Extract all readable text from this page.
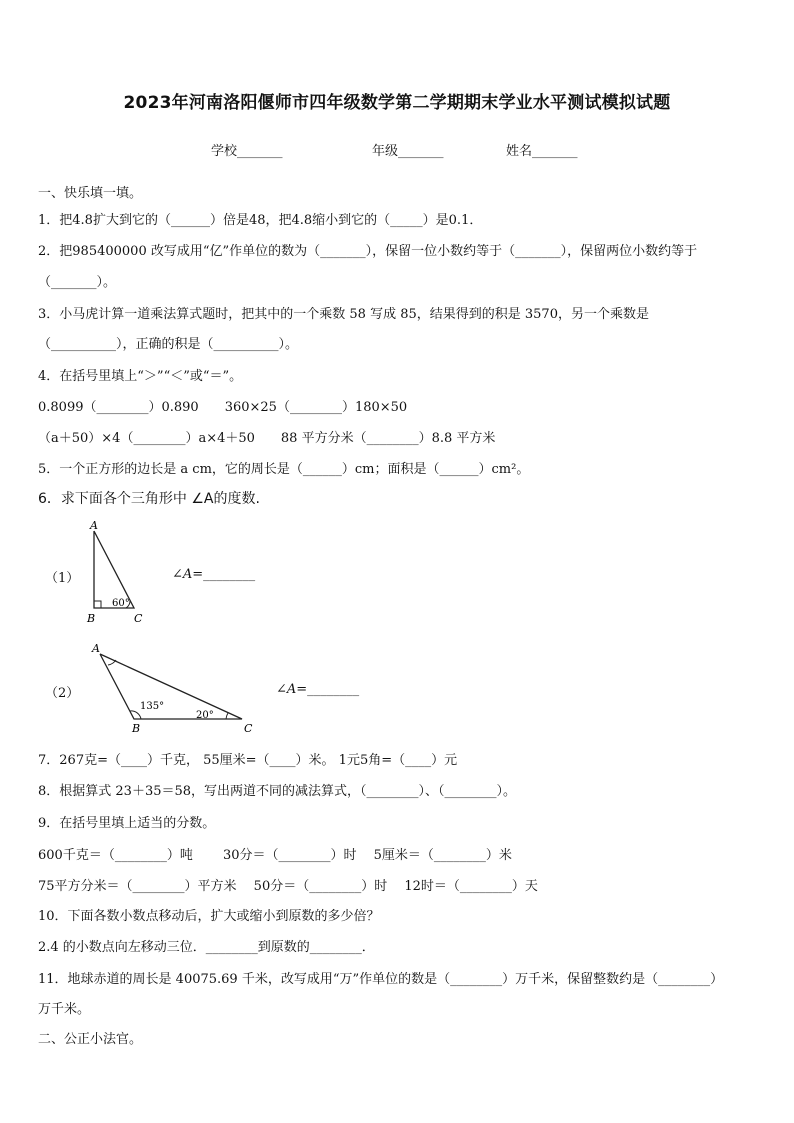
2023年河南洛阳偃师市四年级数学第二学期期末学业水平测试模拟试题
学校_______	年级_______	姓名_______
一、快乐填一填。
1．把4.8扩大到它的（______）倍是48，把4.8缩小到它的（_____）是0.1．
2．把985400000 改写成用“亿”作单位的数为（_______），保留一位小数约等于（_______），保留两位小数约等于
（_______）。
3．小马虎计算一道乘法算式题时，把其中的一个乘数 58 写成 85，结果得到的积是 3570，另一个乘数是
（__________），正确的积是（__________）。
4．在括号里填上“＞”“＜”或“＝”。
0.8099（________）0.890　　360×25（________）180×50
（a＋50）×4（________）a×4＋50　　88 平方分米（________）8.8 平方米
5．一个正方形的边长是 a cm，它的周长是（______）cm；面积是（______）cm²。
6．求下面各个三角形中 ∠A的度数.
（1）
A
B	C
60°
∠A=________
（2）
A
B	C
135°
20°
∠A=________
7．267克=（____）千克， 55厘米=（____）米。 1元5角=（____）元
8．根据算式 23＋35＝58，写出两道不同的减法算式，（________）、（________）。
9．在括号里填上适当的分数。
600千克＝（________）吨　　 30分＝（________）时　 5厘米＝（________）米
75平方分米＝（________）平方米　 50分＝（________）时　 12时＝（________）天
10．下面各数小数点移动后，扩大或缩小到原数的多少倍？
2.4 的小数点向左移动三位．________到原数的________．
11．地球赤道的周长是 40075.69 千米，改写成用“万”作单位的数是（________）万千米，保留整数约是（________）
万千米。
二、公正小法官。
